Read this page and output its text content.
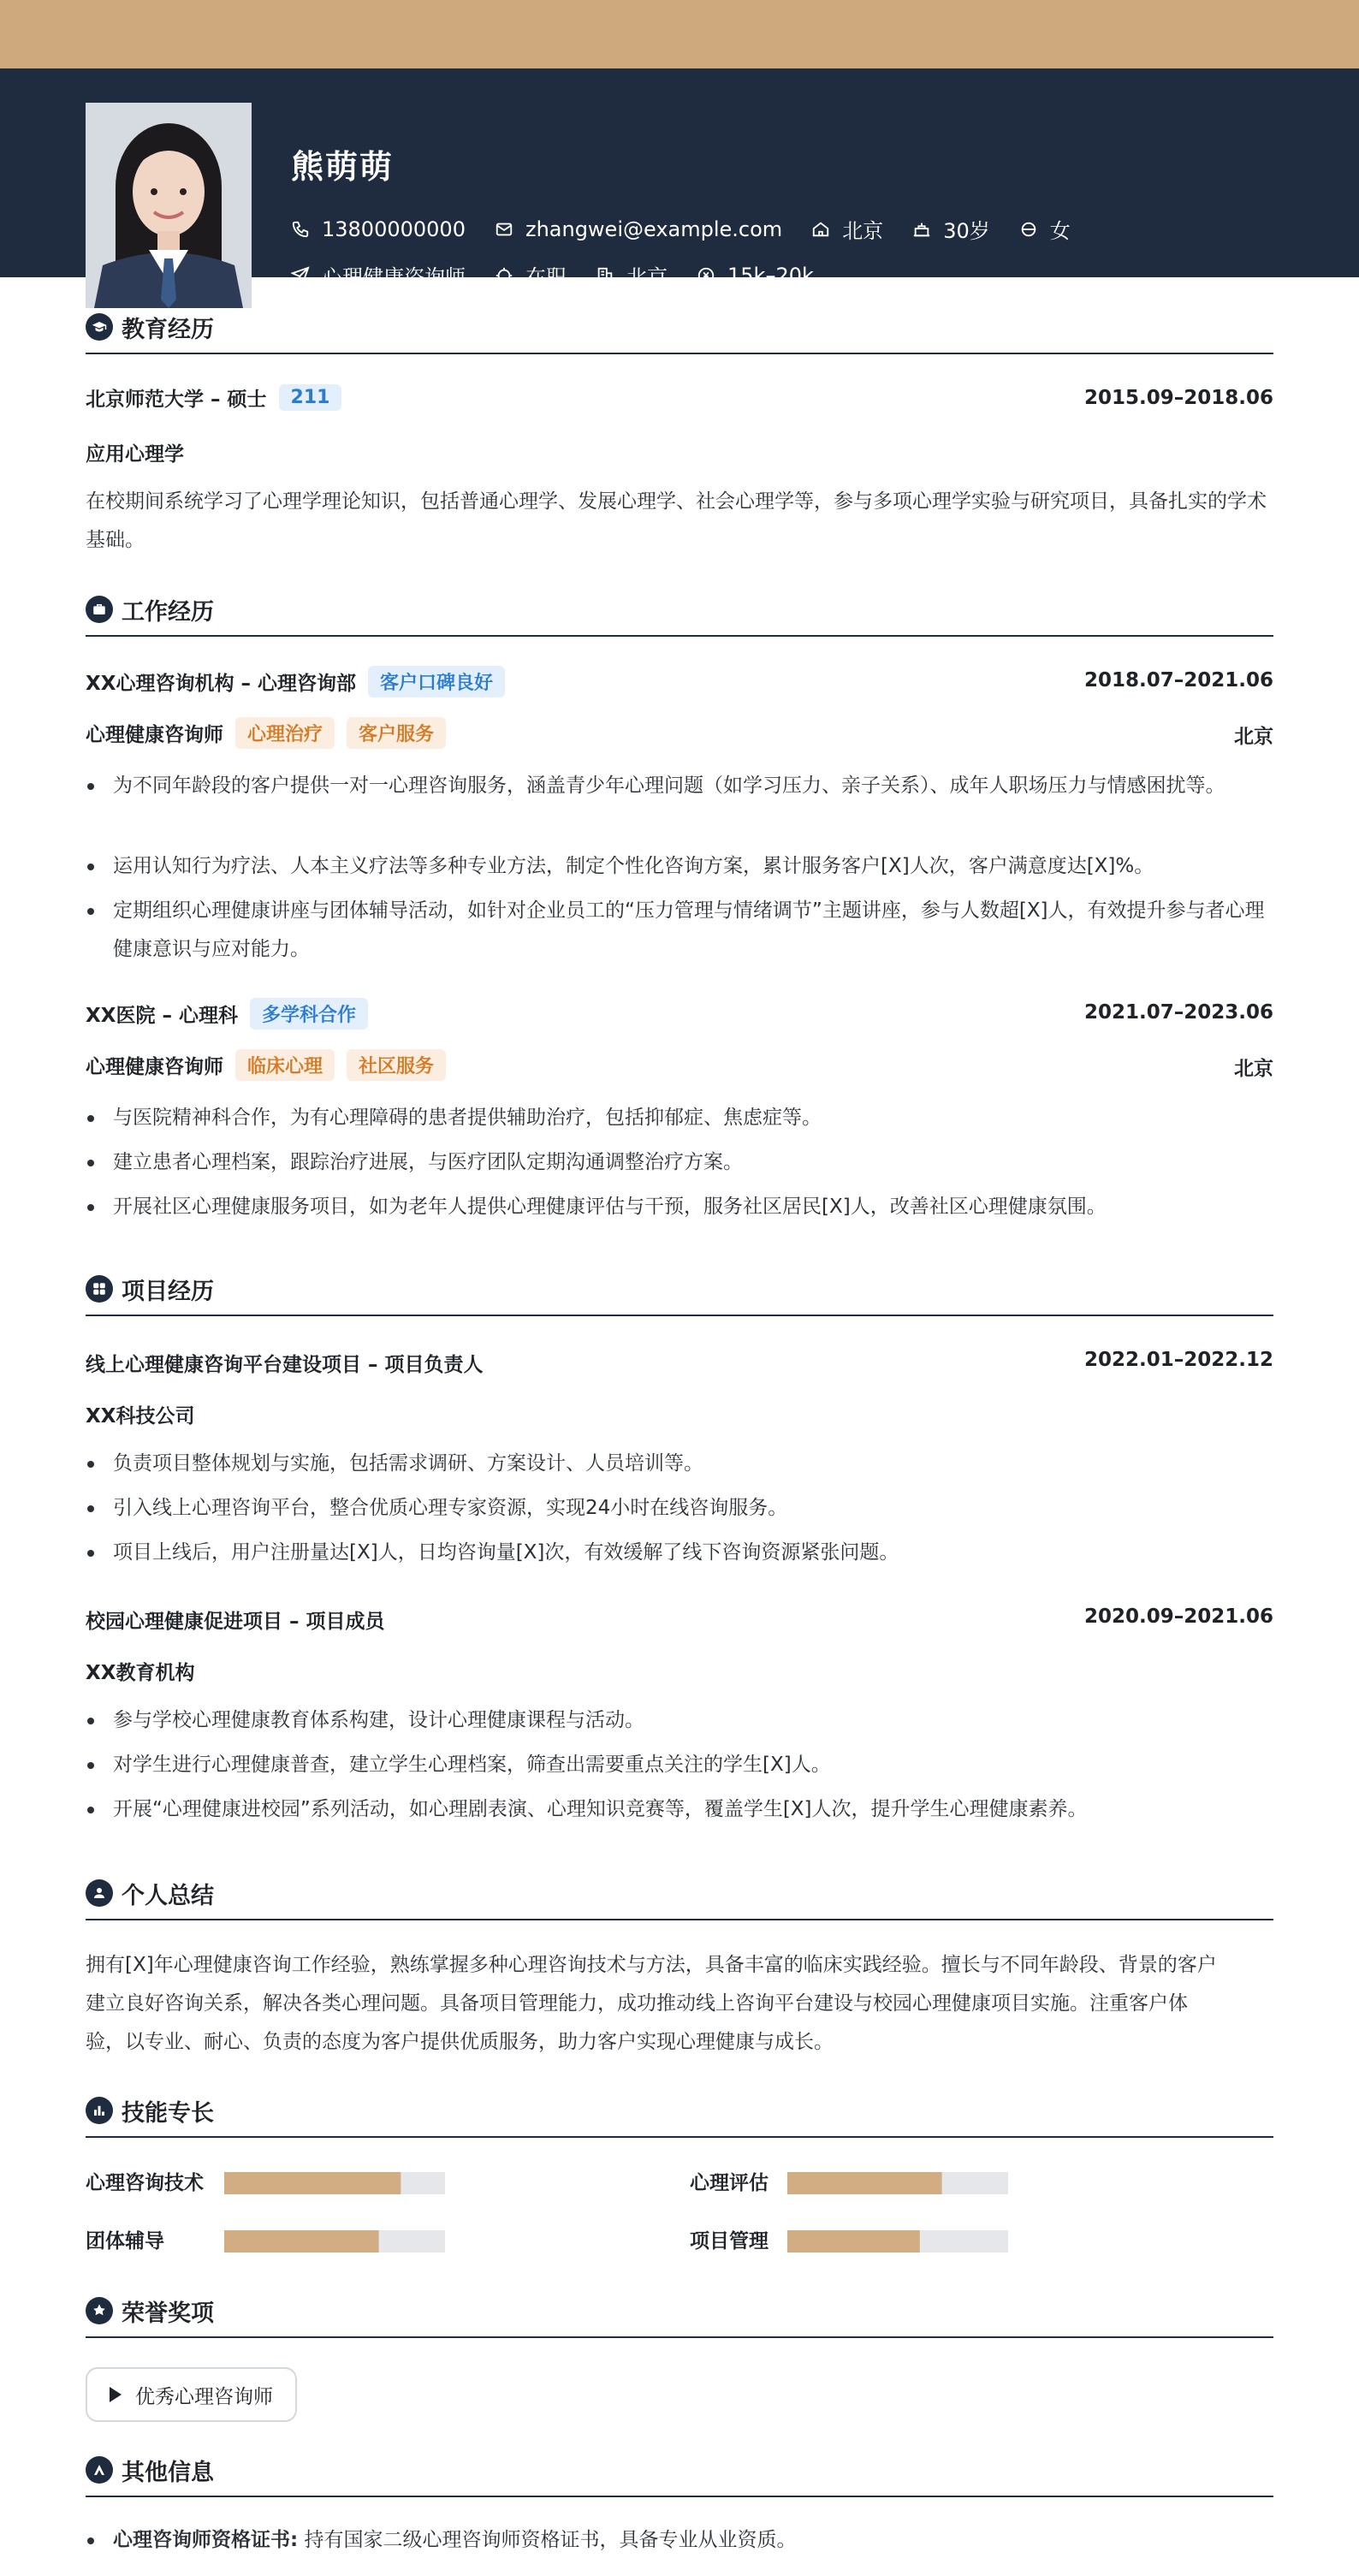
熊萌萌
13800000000	zhangwei@example.com	北京	30岁	女
心理健康咨询师	在职	北京	15k–20k
教育经历
北京师范大学 – 硕士	211	2015.09–2018.06
应用心理学
在校期间系统学习了心理学理论知识，包括普通心理学、发展心理学、社会心理学等，参与多项心理学实验与研究项目，具备扎实的学术基础。
工作经历
XX心理咨询机构 – 心理咨询部	客户口碑良好	2018.07–2021.06
心理健康咨询师	心理治疗	客户服务	北京
为不同年龄段的客户提供一对一心理咨询服务，涵盖青少年心理问题（如学习压力、亲子关系）、成年人职场压力与情感困扰等。
运用认知行为疗法、人本主义疗法等多种专业方法，制定个性化咨询方案，累计服务客户[X]人次，客户满意度达[X]%。
定期组织心理健康讲座与团体辅导活动，如针对企业员工的“压力管理与情绪调节”主题讲座，参与人数超[X]人，有效提升参与者心理健康意识与应对能力。
XX医院 – 心理科	多学科合作	2021.07–2023.06
心理健康咨询师	临床心理	社区服务	北京
与医院精神科合作，为有心理障碍的患者提供辅助治疗，包括抑郁症、焦虑症等。
建立患者心理档案，跟踪治疗进展，与医疗团队定期沟通调整治疗方案。
开展社区心理健康服务项目，如为老年人提供心理健康评估与干预，服务社区居民[X]人，改善社区心理健康氛围。
项目经历
线上心理健康咨询平台建设项目 – 项目负责人	2022.01–2022.12
XX科技公司
负责项目整体规划与实施，包括需求调研、方案设计、人员培训等。
引入线上心理咨询平台，整合优质心理专家资源，实现24小时在线咨询服务。
项目上线后，用户注册量达[X]人，日均咨询量[X]次，有效缓解了线下咨询资源紧张问题。
校园心理健康促进项目 – 项目成员	2020.09–2021.06
XX教育机构
参与学校心理健康教育体系构建，设计心理健康课程与活动。
对学生进行心理健康普查，建立学生心理档案，筛查出需要重点关注的学生[X]人。
开展“心理健康进校园”系列活动，如心理剧表演、心理知识竞赛等，覆盖学生[X]人次，提升学生心理健康素养。
个人总结
拥有[X]年心理健康咨询工作经验，熟练掌握多种心理咨询技术与方法，具备丰富的临床实践经验。擅长与不同年龄段、背景的客户
建立良好咨询关系，解决各类心理问题。具备项目管理能力，成功推动线上咨询平台建设与校园心理健康项目实施。注重客户体
验，以专业、耐心、负责的态度为客户提供优质服务，助力客户实现心理健康与成长。
技能专长
心理咨询技术	心理评估
团体辅导	项目管理
荣誉奖项
优秀心理咨询师
其他信息
心理咨询师资格证书: 持有国家二级心理咨询师资格证书，具备专业从业资质。
